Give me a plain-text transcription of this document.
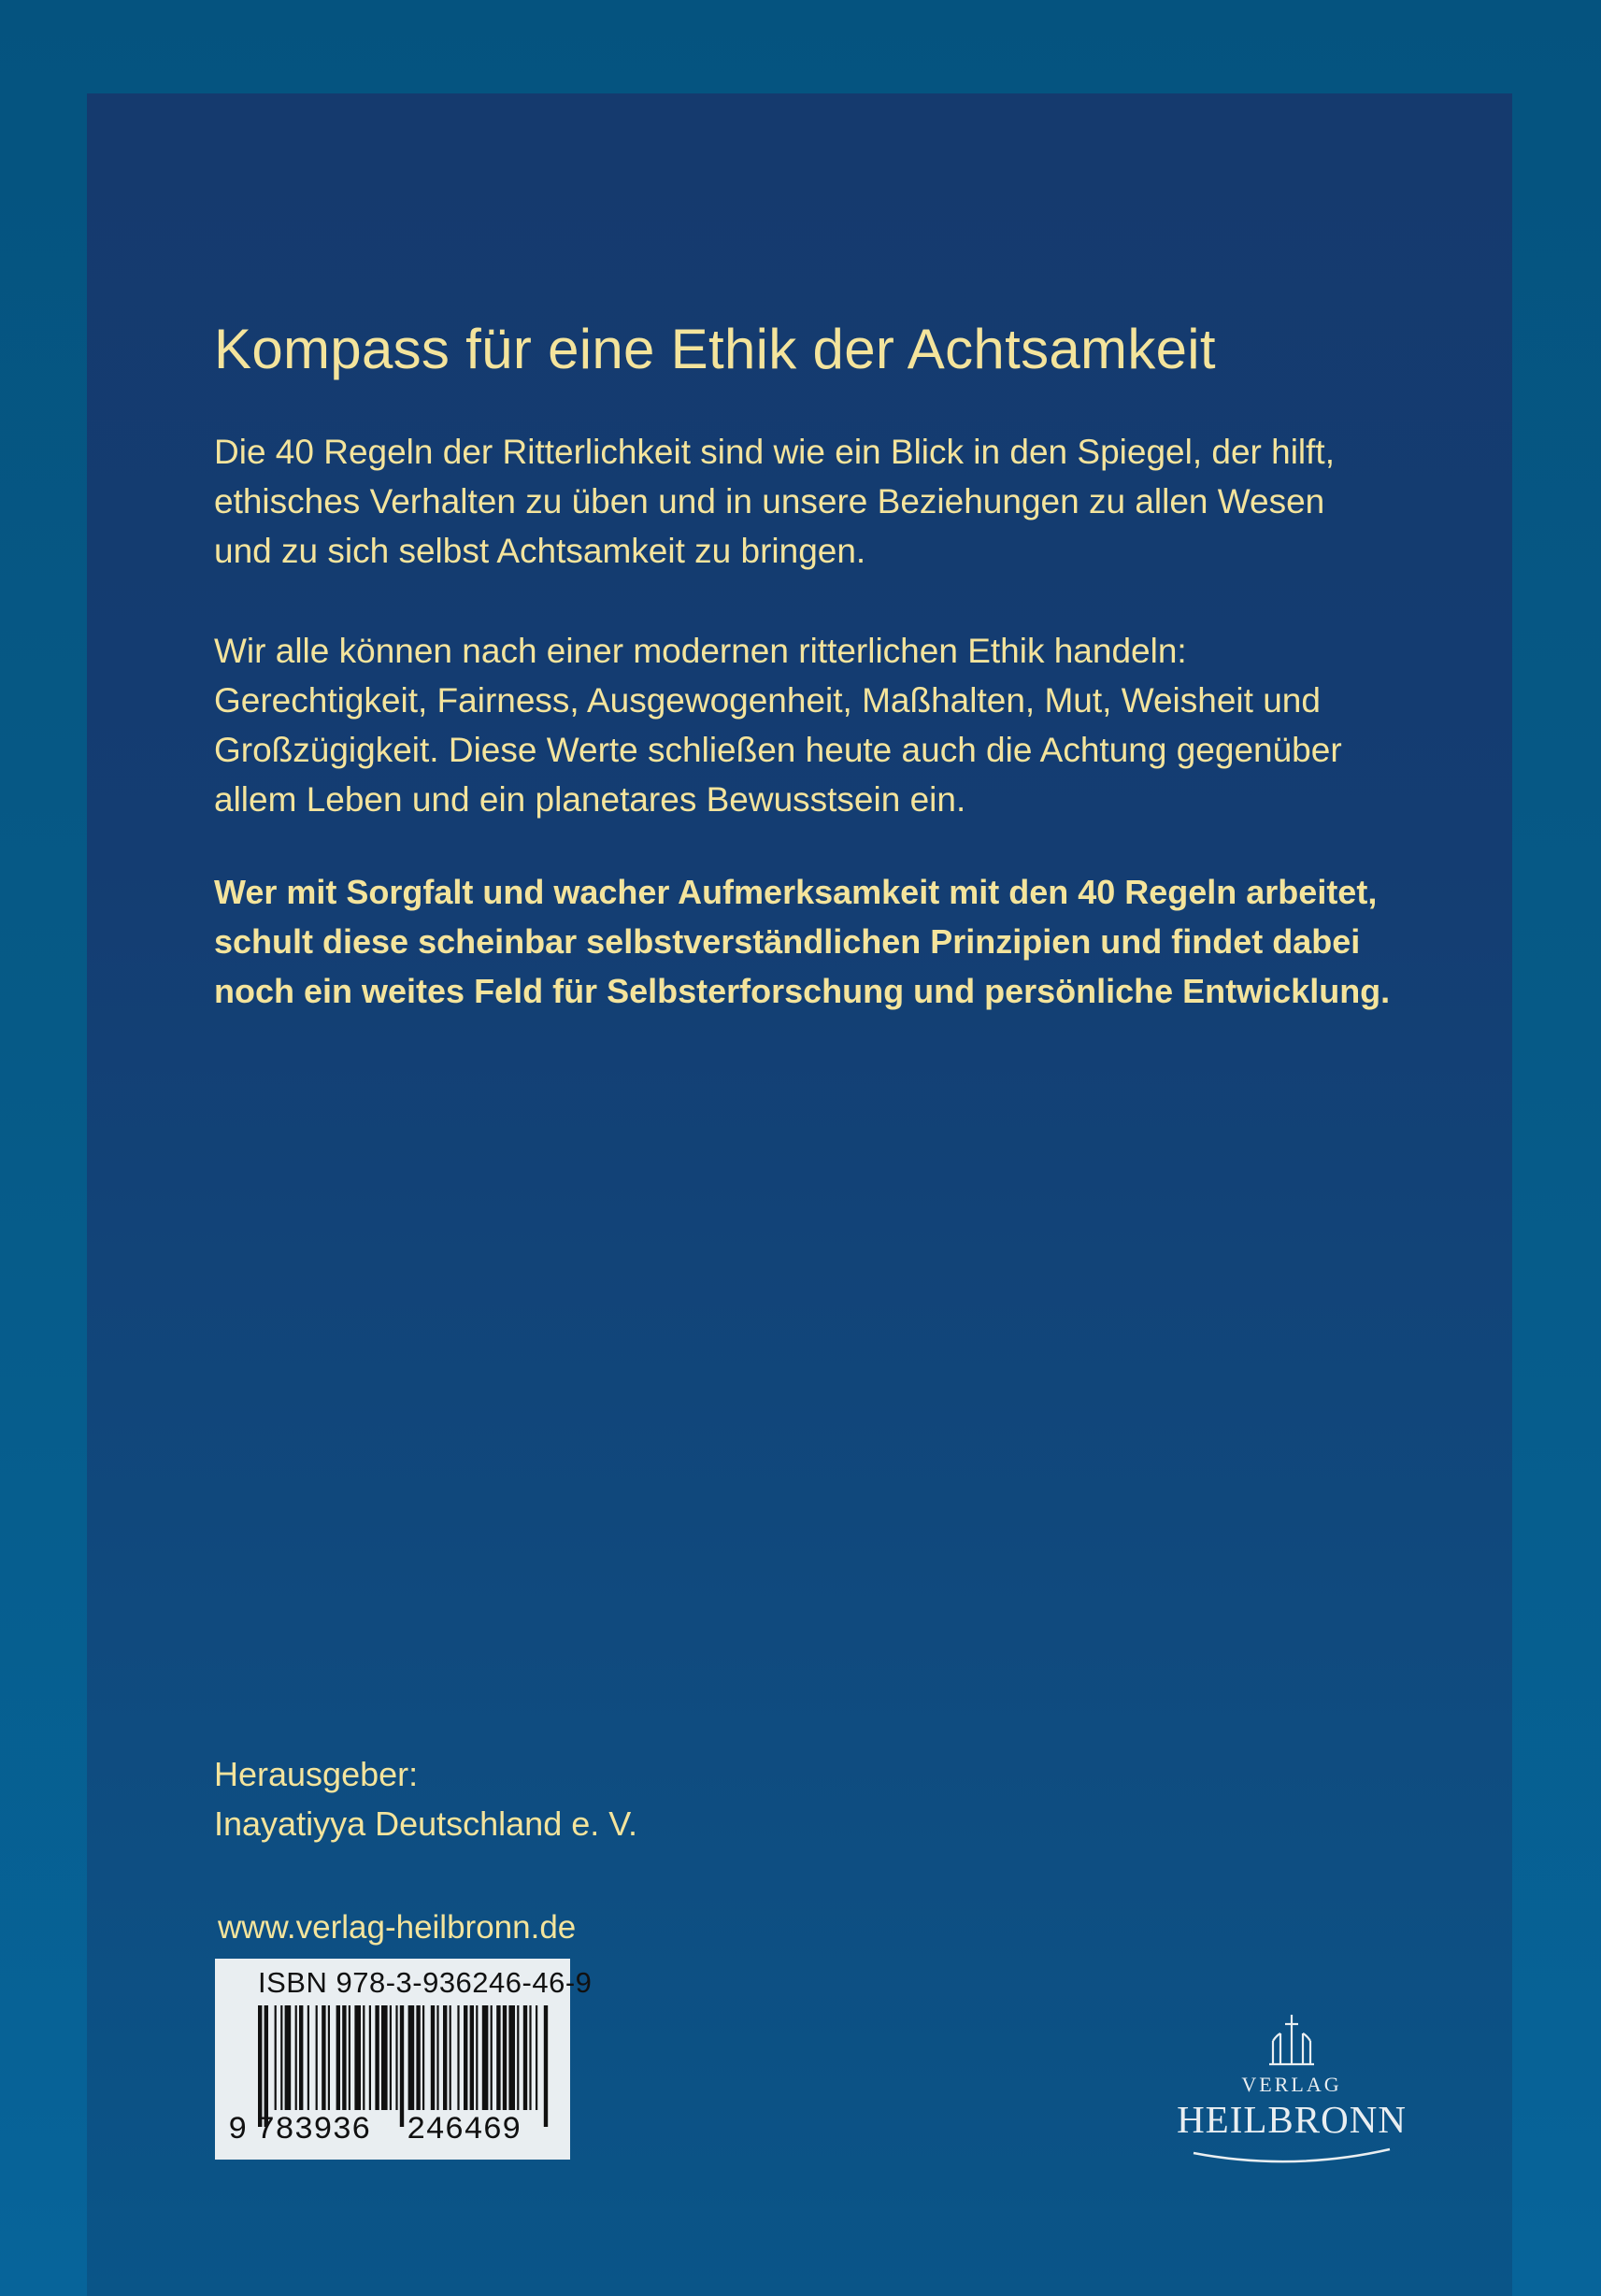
Kompass für eine Ethik der Achtsamkeit
Die 40 Regeln der Ritterlichkeit sind wie ein Blick in den Spiegel, der hilft,
ethisches Verhalten zu üben und in unsere Beziehungen zu allen Wesen
und zu sich selbst Achtsamkeit zu bringen.
Wir alle können nach einer modernen ritterlichen Ethik handeln:
Gerechtigkeit, Fairness, Ausgewogenheit, Maßhalten, Mut, Weisheit und
Großzügigkeit. Diese Werte schließen heute auch die Achtung gegenüber
allem Leben und ein planetares Bewusstsein ein.
Wer mit Sorgfalt und wacher Aufmerksamkeit mit den 40 Regeln arbeitet,
schult diese scheinbar selbstverständlichen Prinzipien und findet dabei
noch ein weites Feld für Selbsterforschung und persönliche Entwicklung.
Herausgeber:
Inayatiyya Deutschland e. V.
www.verlag-heilbronn.de
ISBN 978-3-936246-46-9
9 783936 246469
VERLAG
HEILBRONN
